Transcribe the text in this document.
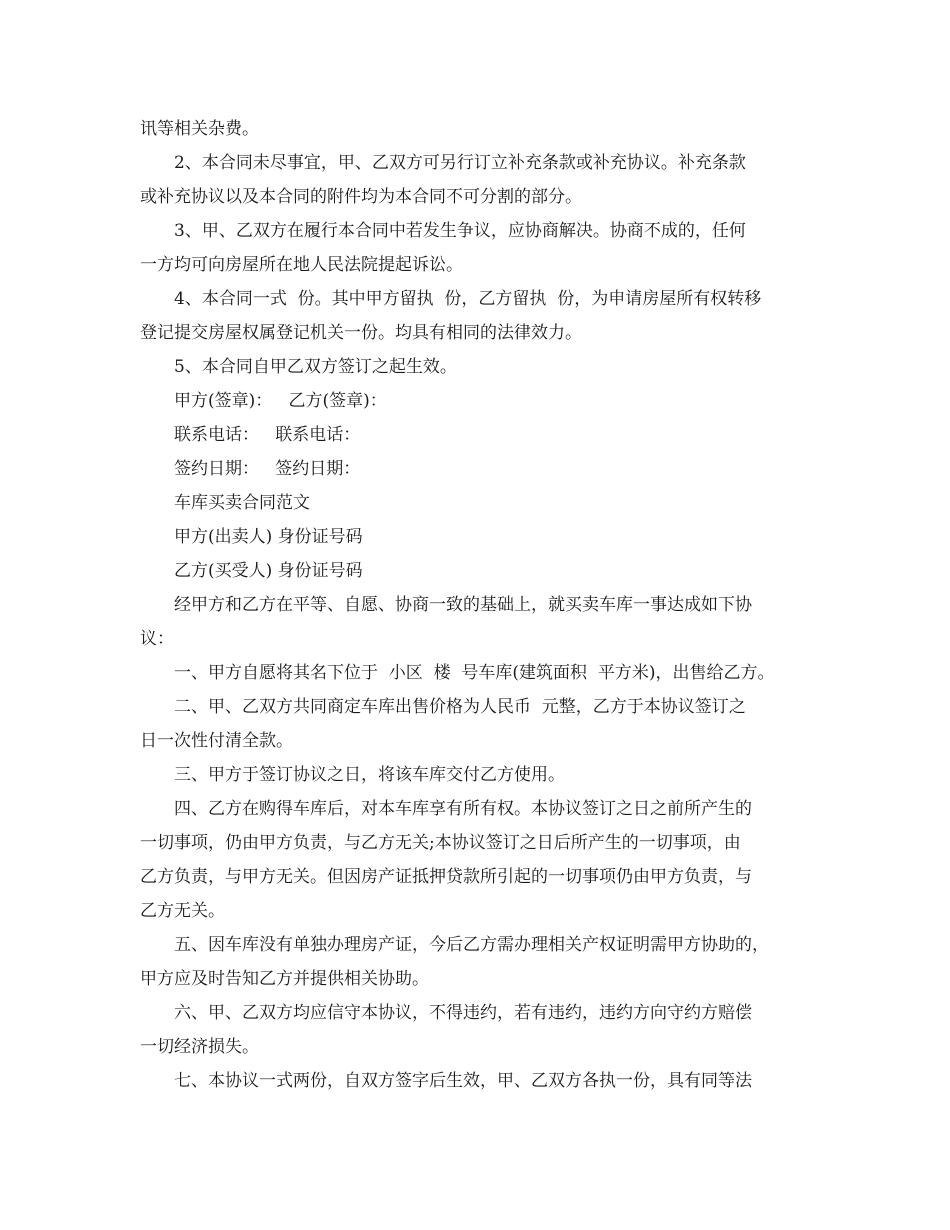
讯等相关杂费。

2、本合同未尽事宜，甲、乙双方可另行订立补充条款或补充协议。补充条款

或补充协议以及本合同的附件均为本合同不可分割的部分。

3、甲、乙双方在履行本合同中若发生争议，应协商解决。协商不成的，任何

一方均可向房屋所在地人民法院提起诉讼。

4、本合同一式  份。其中甲方留执  份，乙方留执  份，为申请房屋所有权转移

登记提交房屋权属登记机关一份。均具有相同的法律效力。

5、本合同自甲乙双方签订之起生效。

甲方(签章)：   乙方(签章)：

联系电话：   联系电话：

签约日期：   签约日期：

车库买卖合同范文

甲方(出卖人) 身份证号码

乙方(买受人) 身份证号码

经甲方和乙方在平等、自愿、协商一致的基础上，就买卖车库一事达成如下协

议：

一、甲方自愿将其名下位于  小区  楼  号车库(建筑面积  平方米)，出售给乙方。

二、甲、乙双方共同商定车库出售价格为人民币  元整，乙方于本协议签订之

日一次性付清全款。

三、甲方于签订协议之日，将该车库交付乙方使用。

四、乙方在购得车库后，对本车库享有所有权。本协议签订之日之前所产生的

一切事项，仍由甲方负责，与乙方无关;本协议签订之日后所产生的一切事项，由

乙方负责，与甲方无关。但因房产证抵押贷款所引起的一切事项仍由甲方负责，与

乙方无关。

五、因车库没有单独办理房产证，今后乙方需办理相关产权证明需甲方协助的，

甲方应及时告知乙方并提供相关协助。

六、甲、乙双方均应信守本协议，不得违约，若有违约，违约方向守约方赔偿

一切经济损失。

七、本协议一式两份，自双方签字后生效，甲、乙双方各执一份，具有同等法
